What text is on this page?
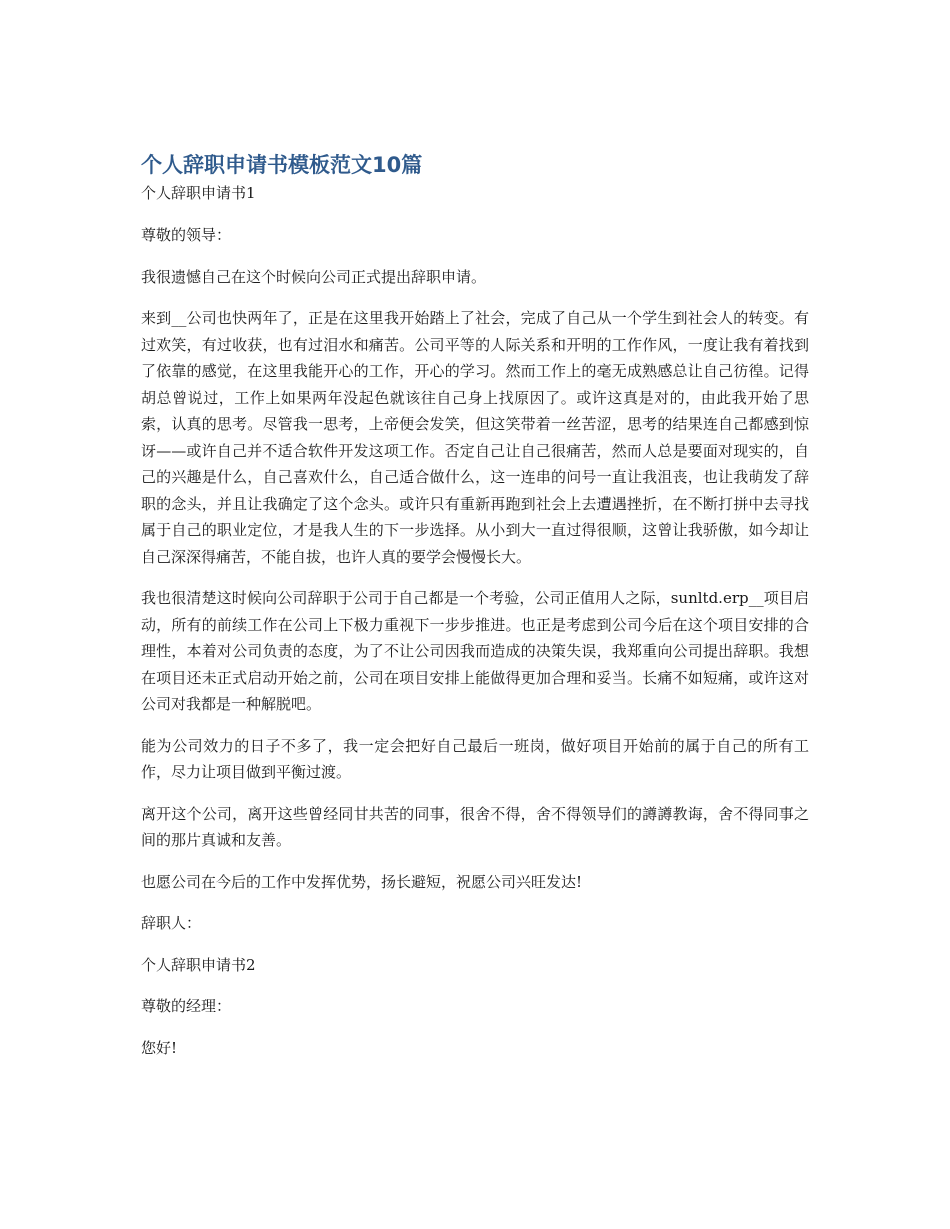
个人辞职申请书模板范文10篇

个人辞职申请书1

尊敬的领导：

我很遗憾自己在这个时候向公司正式提出辞职申请。

来到__公司也快两年了，正是在这里我开始踏上了社会，完成了自己从一个学生到社会人的转变。有过欢笑，有过收获，也有过泪水和痛苦。公司平等的人际关系和开明的工作作风，一度让我有着找到了依靠的感觉，在这里我能开心的工作，开心的学习。然而工作上的毫无成熟感总让自己彷徨。记得胡总曾说过，工作上如果两年没起色就该往自己身上找原因了。或许这真是对的，由此我开始了思索，认真的思考。尽管我一思考，上帝便会发笑，但这笑带着一丝苦涩，思考的结果连自己都感到惊讶——或许自己并不适合软件开发这项工作。否定自己让自己很痛苦，然而人总是要面对现实的，自己的兴趣是什么，自己喜欢什么，自己适合做什么，这一连串的问号一直让我沮丧，也让我萌发了辞职的念头，并且让我确定了这个念头。或许只有重新再跑到社会上去遭遇挫折，在不断打拼中去寻找属于自己的职业定位，才是我人生的下一步选择。从小到大一直过得很顺，这曾让我骄傲，如今却让自己深深得痛苦，不能自拔，也许人真的要学会慢慢长大。

我也很清楚这时候向公司辞职于公司于自己都是一个考验，公司正值用人之际，sunltd.erp__项目启动，所有的前续工作在公司上下极力重视下一步步推进。也正是考虑到公司今后在这个项目安排的合理性，本着对公司负责的态度，为了不让公司因我而造成的决策失误，我郑重向公司提出辞职。我想在项目还未正式启动开始之前，公司在项目安排上能做得更加合理和妥当。长痛不如短痛，或许这对公司对我都是一种解脱吧。

能为公司效力的日子不多了，我一定会把好自己最后一班岗，做好项目开始前的属于自己的所有工作，尽力让项目做到平衡过渡。

离开这个公司，离开这些曾经同甘共苦的同事，很舍不得，舍不得领导们的譐譐教诲，舍不得同事之间的那片真诚和友善。

也愿公司在今后的工作中发挥优势，扬长避短，祝愿公司兴旺发达!

辞职人：

个人辞职申请书2

尊敬的经理：

您好!
